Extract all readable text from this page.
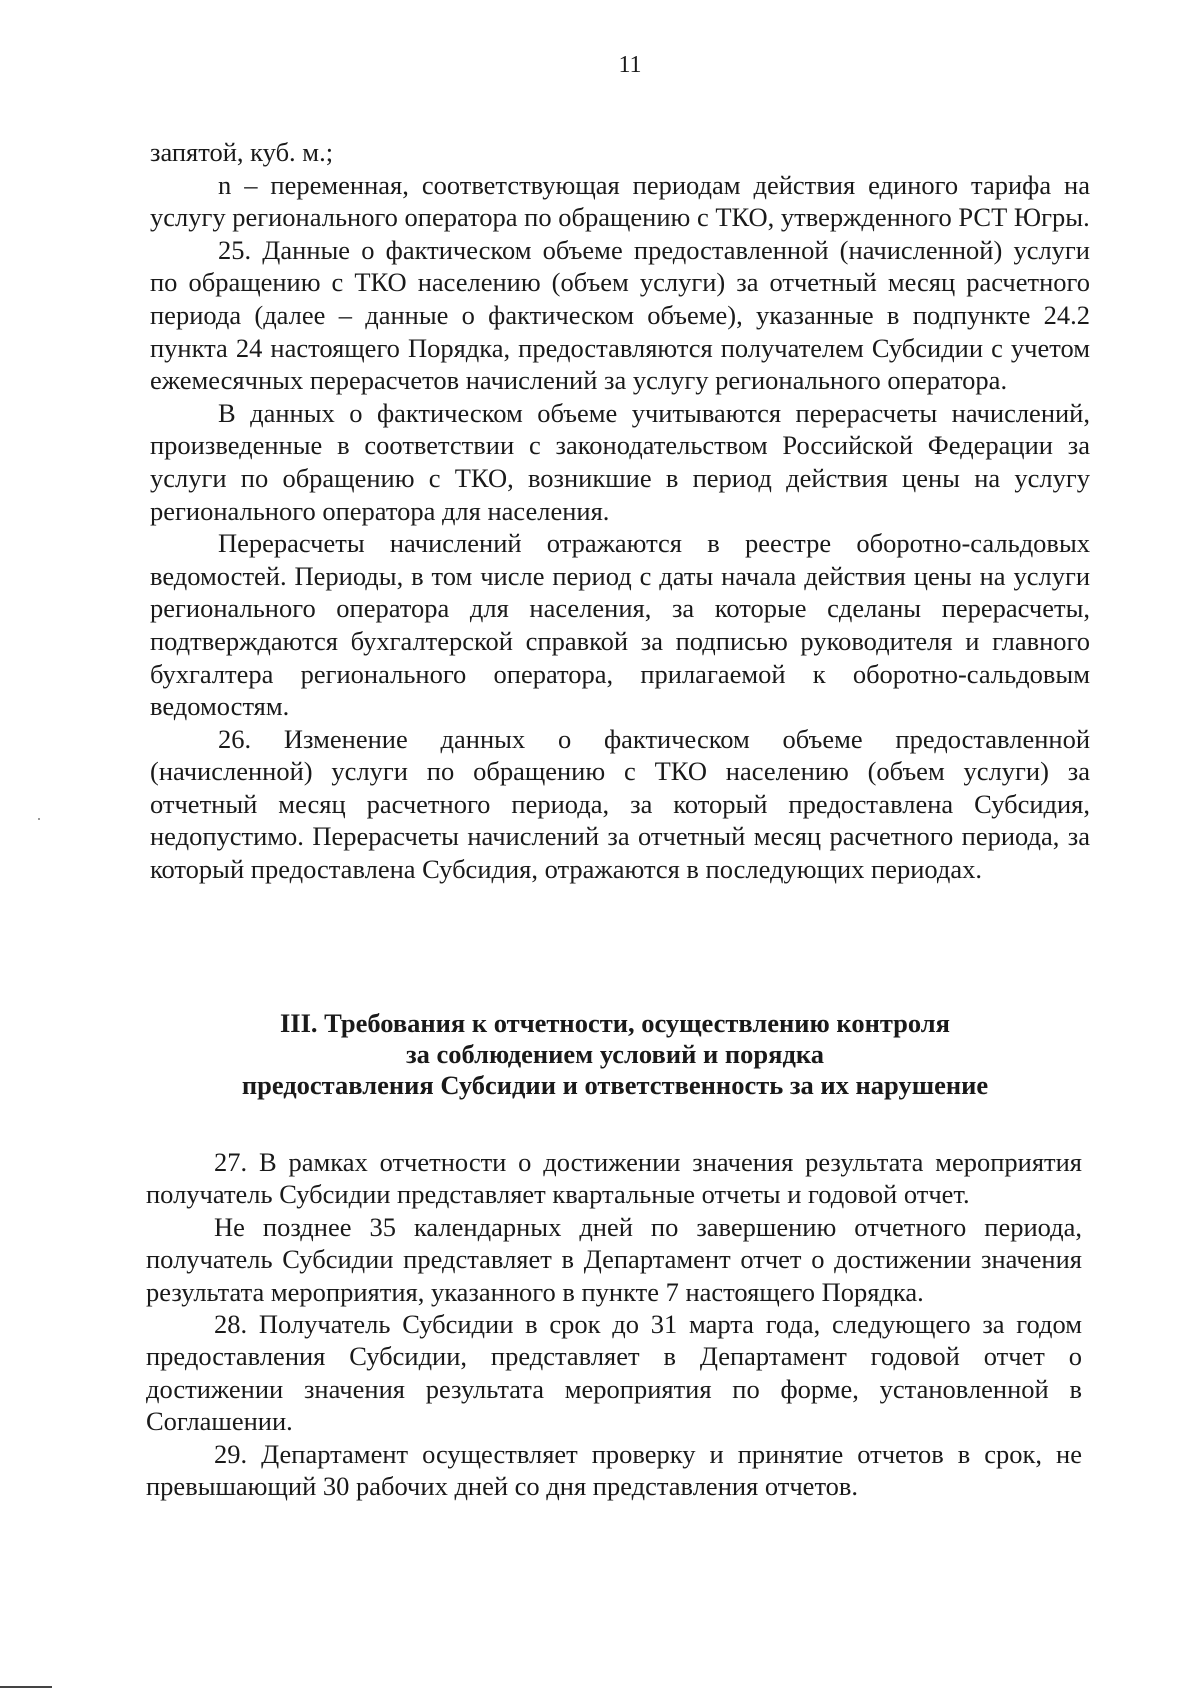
11

запятой, куб. м.;

n – переменная, соответствующая периодам действия единого тарифа на услугу регионального оператора по обращению с ТКО, утвержденного РСТ Югры.

25. Данные о фактическом объеме предоставленной (начисленной) услуги по обращению с ТКО населению (объем услуги) за отчетный месяц расчетного периода (далее – данные о фактическом объеме), указанные в подпункте 24.2 пункта 24 настоящего Порядка, предоставляются получателем Субсидии с учетом ежемесячных перерасчетов начислений за услугу регионального оператора.

В данных о фактическом объеме учитываются перерасчеты начислений, произведенные в соответствии с законодательством Российской Федерации за услуги по обращению с ТКО, возникшие в период действия цены на услугу регионального оператора для населения.

Перерасчеты начислений отражаются в реестре оборотно-сальдовых ведомостей. Периоды, в том числе период с даты начала действия цены на услуги регионального оператора для населения, за которые сделаны перерасчеты, подтверждаются бухгалтерской справкой за подписью руководителя и главного бухгалтера регионального оператора, прилагаемой к оборотно-сальдовым ведомостям.

26. Изменение данных о фактическом объеме предоставленной (начисленной) услуги по обращению с ТКО населению (объем услуги) за отчетный месяц расчетного периода, за который предоставлена Субсидия, недопустимо. Перерасчеты начислений за отчетный месяц расчетного периода, за который предоставлена Субсидия, отражаются в последующих периодах.

III. Требования к отчетности, осуществлению контроля
за соблюдением условий и порядка
предоставления Субсидии и ответственность за их нарушение

27. В рамках отчетности о достижении значения результата мероприятия получатель Субсидии представляет квартальные отчеты и годовой отчет.

Не позднее 35 календарных дней по завершению отчетного периода, получатель Субсидии представляет в Департамент отчет о достижении значения результата мероприятия, указанного в пункте 7 настоящего Порядка.

28. Получатель Субсидии в срок до 31 марта года, следующего за годом предоставления Субсидии, представляет в Департамент годовой отчет о достижении значения результата мероприятия по форме, установленной в Соглашении.

29. Департамент осуществляет проверку и принятие отчетов в срок, не превышающий 30 рабочих дней со дня представления отчетов.
